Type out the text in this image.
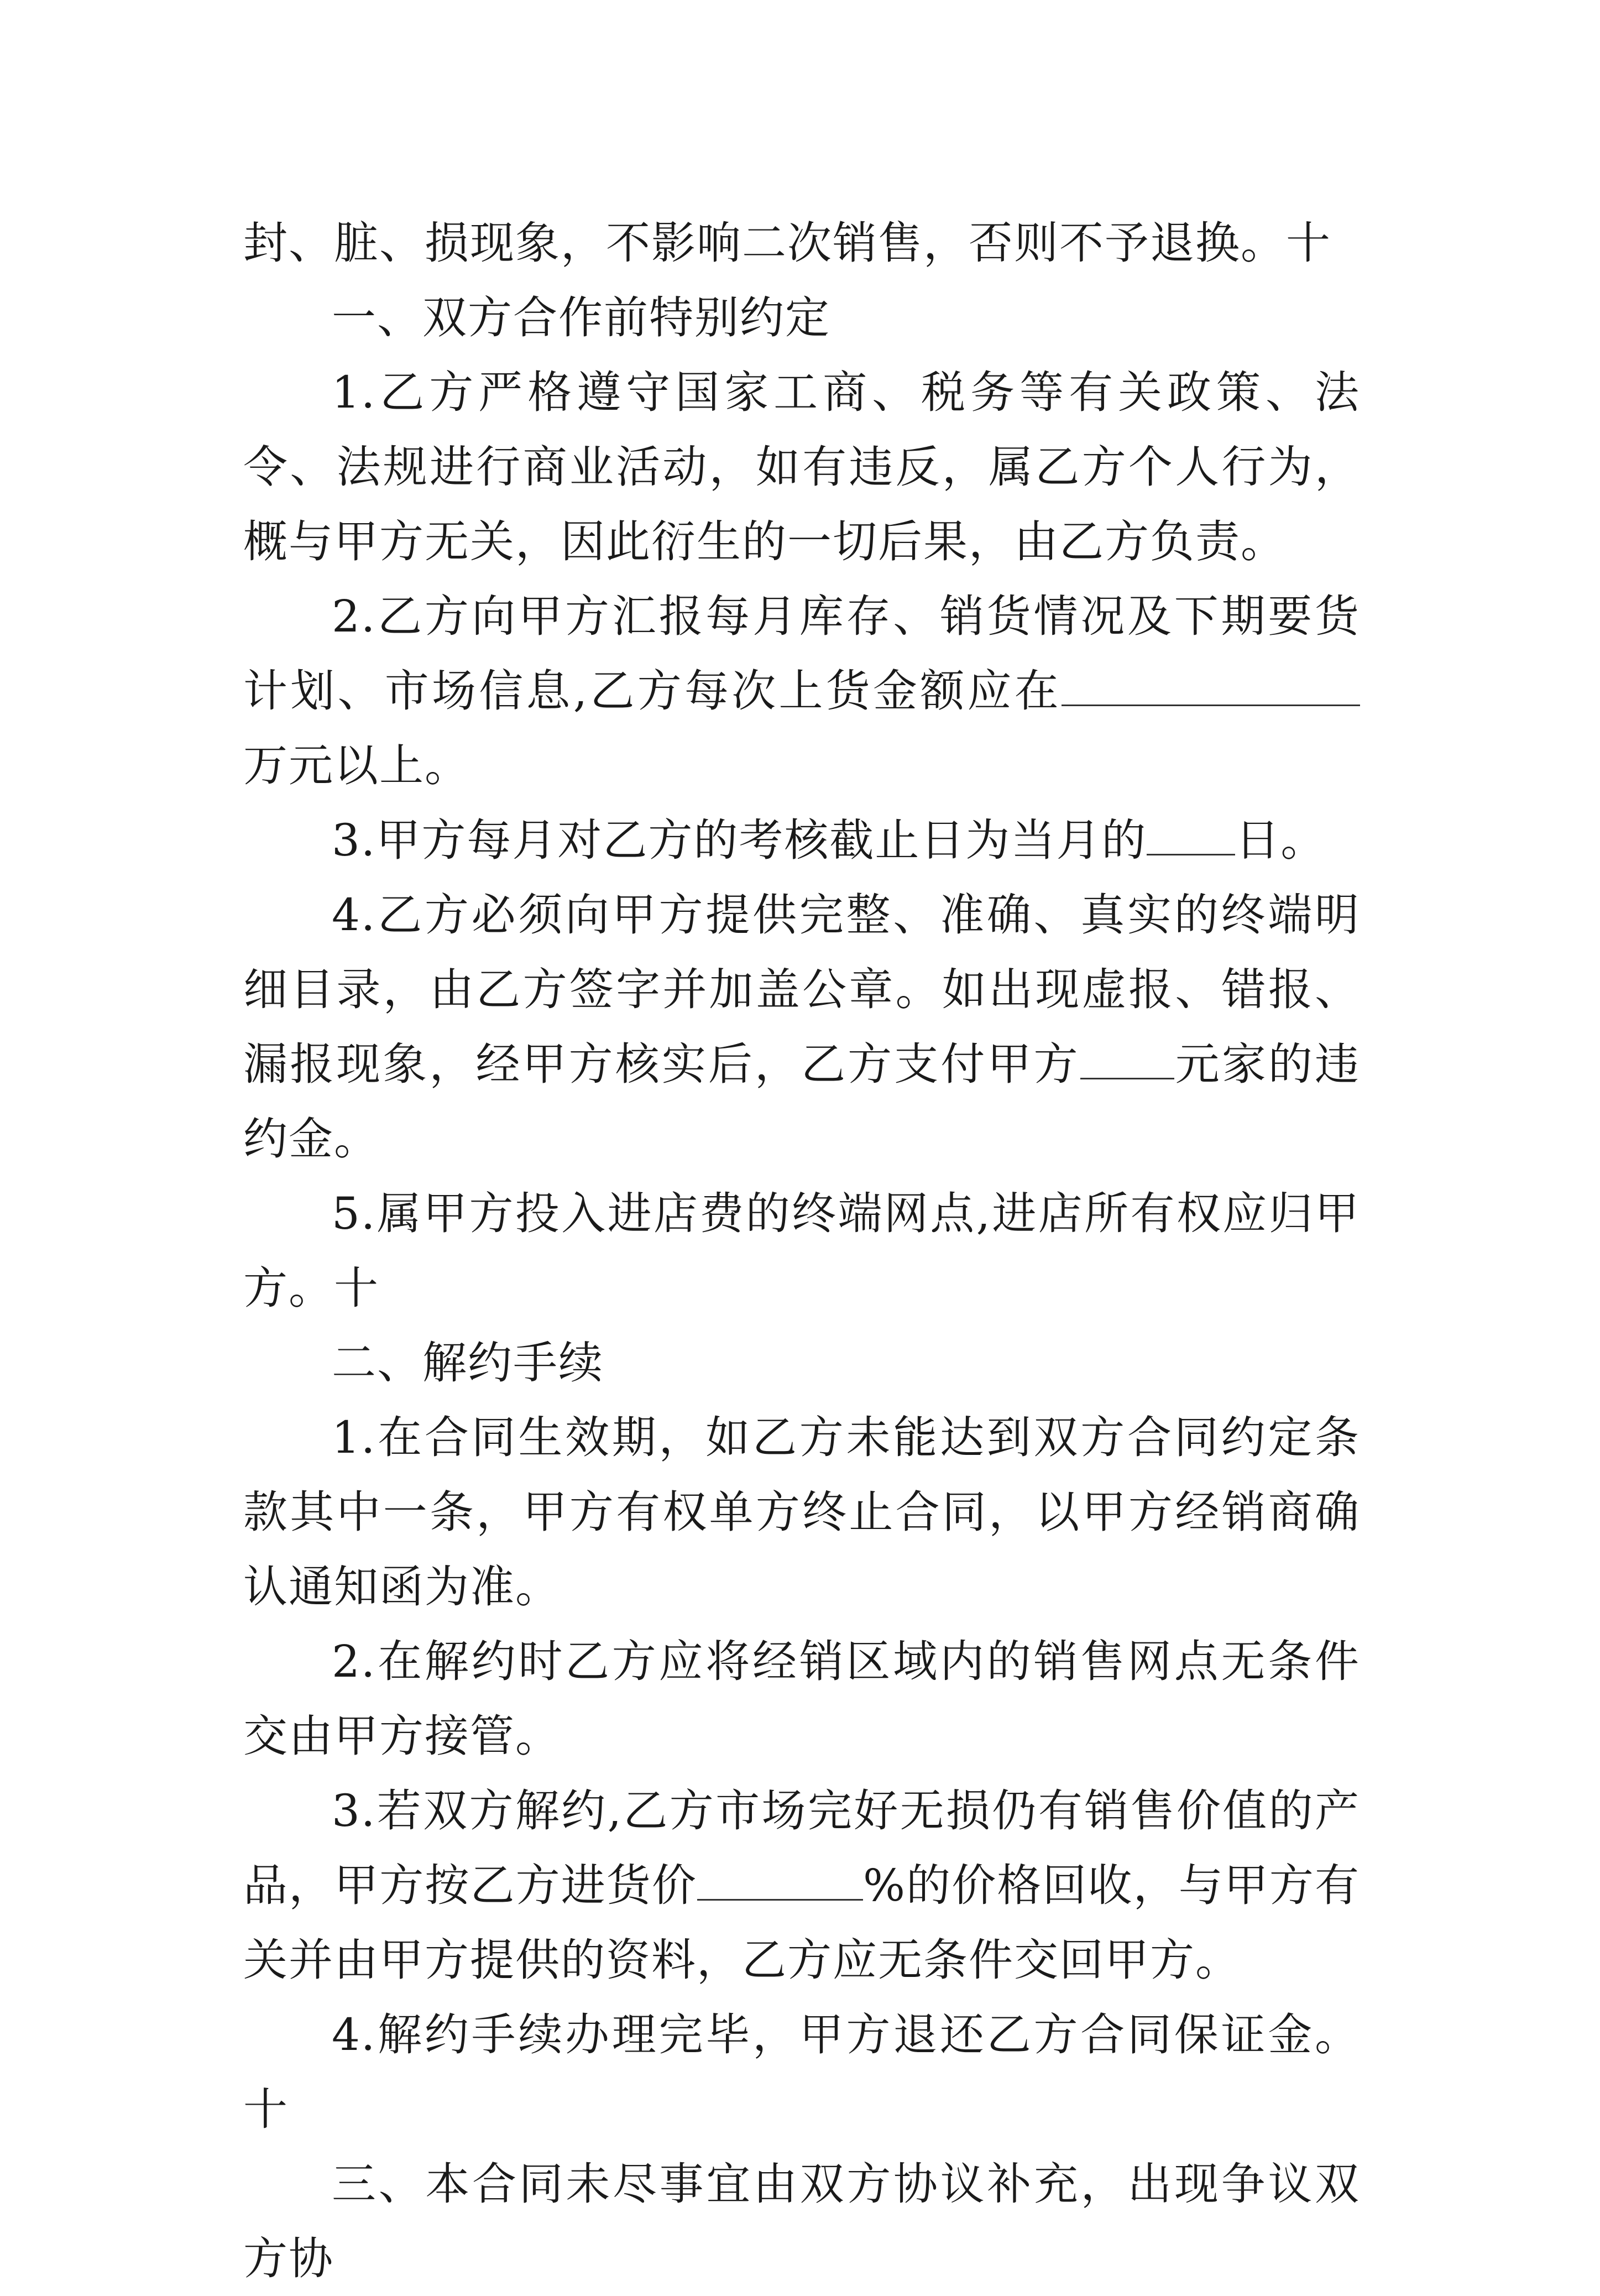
封、脏、损现象，不影响二次销售，否则不予退换。十

一、双方合作前特别约定

1.乙方严格遵守国家工商、税务等有关政策、法令、法规进行商业活动，如有违反，属乙方个人行为，概与甲方无关，因此衍生的一切后果，由乙方负责。

2.乙方向甲方汇报每月库存、销货情况及下期要货计划、市场信息,乙方每次上货金额应在万元以上。

3.甲方每月对乙方的考核截止日为当月的 日。

4.乙方必须向甲方提供完整、准确、真实的终端明细目录，由乙方签字并加盖公章。如出现虚报、错报、漏报现象，经甲方核实后，乙方支付甲方 元家的违约金。

5.属甲方投入进店费的终端网点,进店所有权应归甲方。十

二、解约手续

1.在合同生效期，如乙方未能达到双方合同约定条款其中一条，甲方有权单方终止合同，以甲方经销商确认通知函为准。

2.在解约时乙方应将经销区域内的销售网点无条件交由甲方接管。

3.若双方解约,乙方市场完好无损仍有销售价值的产品，甲方按乙方进货价	%的价格回收，与甲方有关并由甲方提供的资料，乙方应无条件交回甲方。

4.解约手续办理完毕，甲方退还乙方合同保证金。十

三、本合同未尽事宜由双方协议补充，出现争议双方协
